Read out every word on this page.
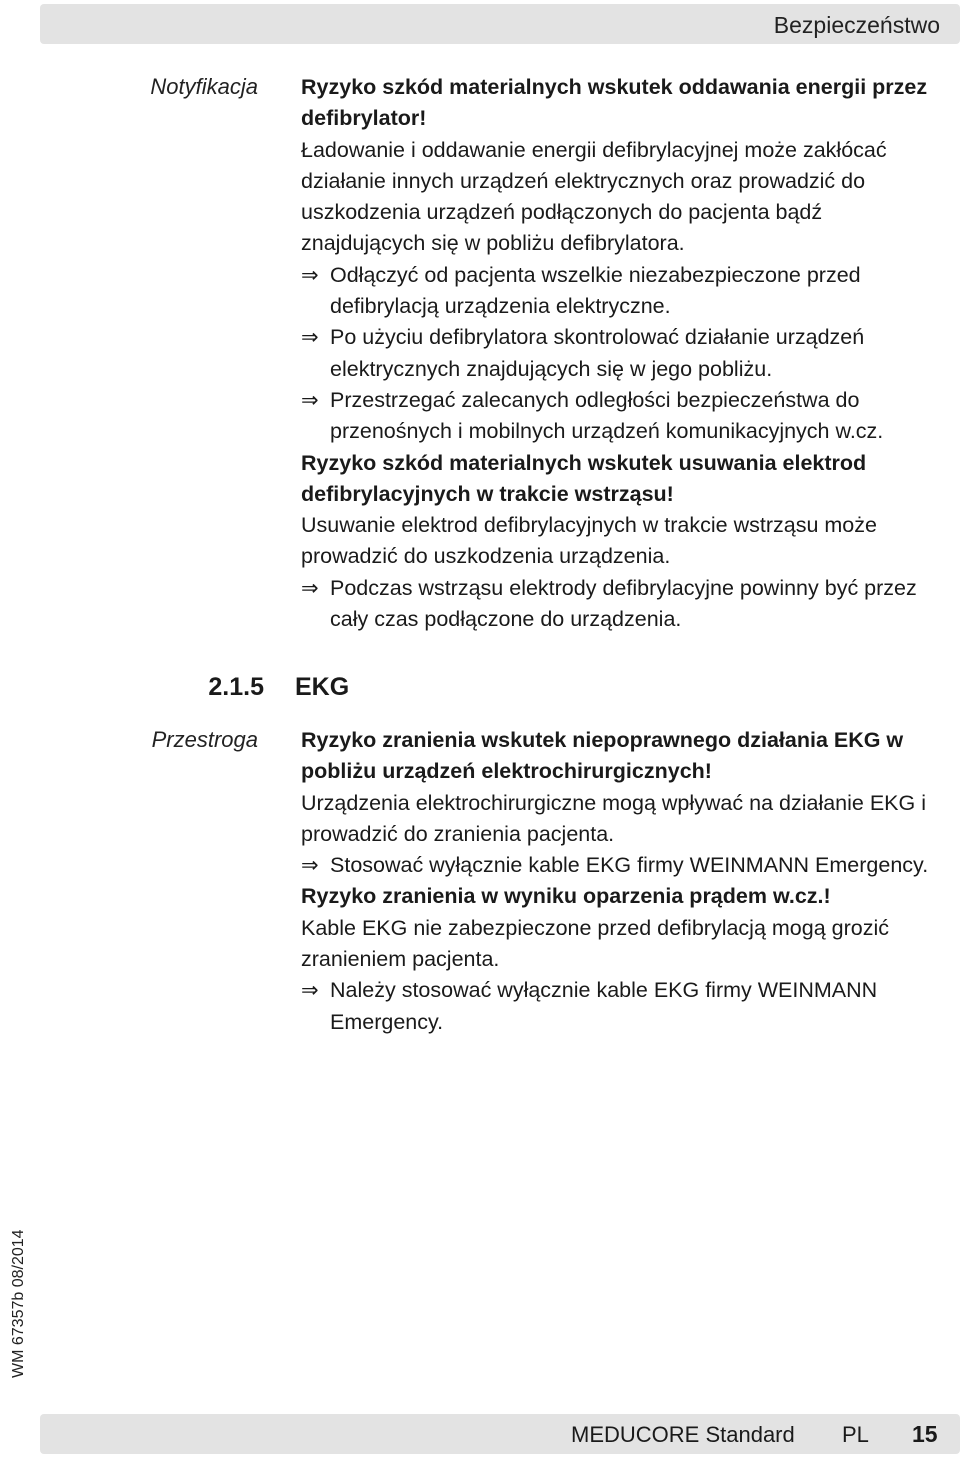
Bezpieczeństwo
Notyfikacja Ryzyko szkód materialnych wskutek oddawania energii przez defibrylator!

Ładowanie i oddawanie energii defibrylacyjnej może zakłócać działanie innych urządzeń elektrycznych oraz prowadzić do uszkodzenia urządzeń podłączonych do pacjenta bądź znajdujących się w pobliżu defibrylatora.

⇒ Odłączyć od pacjenta wszelkie niezabezpieczone przed defibrylacją urządzenia elektryczne.
⇒ Po użyciu defibrylatora skontrolować działanie urządzeń elektrycznych znajdujących się w jego pobliżu.
⇒ Przestrzegać zalecanych odległości bezpieczeństwa do przenośnych i mobilnych urządzeń komunikacyjnych w.cz.

Ryzyko szkód materialnych wskutek usuwania elektrod defibrylacyjnych w trakcie wstrząsu!

Usuwanie elektrod defibrylacyjnych w trakcie wstrząsu może prowadzić do uszkodzenia urządzenia.

⇒ Podczas wstrząsu elektrody defibrylacyjne powinny być przez cały czas podłączone do urządzenia.
2.1.5 EKG
Przestroga Ryzyko zranienia wskutek niepoprawnego działania EKG w pobliżu urządzeń elektrochirurgicznych!

Urządzenia elektrochirurgiczne mogą wpływać na działanie EKG i prowadzić do zranienia pacjenta.

⇒ Stosować wyłącznie kable EKG firmy WEINMANN Emergency.

Ryzyko zranienia w wyniku oparzenia prądem w.cz.!

Kable EKG nie zabezpieczone przed defibrylacją mogą grozić zranieniem pacjenta.

⇒ Należy stosować wyłącznie kable EKG firmy WEINMANN Emergency.
WM 67357b 08/2014
MEDUCORE Standard PL 15
